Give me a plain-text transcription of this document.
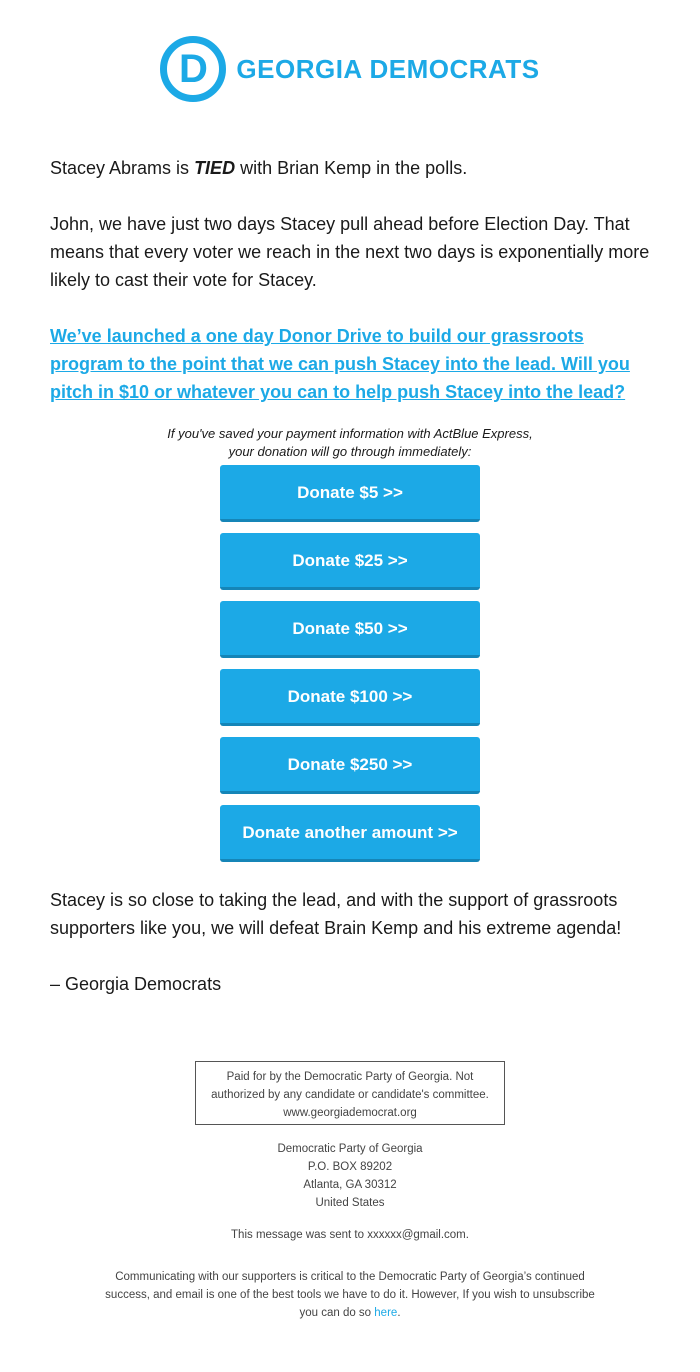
D GEORGIA DEMOCRATS

Stacey Abrams is TIED with Brian Kemp in the polls.

John, we have just two days Stacey pull ahead before Election Day. That means that every voter we reach in the next two days is exponentially more likely to cast their vote for Stacey.

We’ve launched a one day Donor Drive to build our grassroots program to the point that we can push Stacey into the lead. Will you pitch in $10 or whatever you can to help push Stacey into the lead?

If you've saved your payment information with ActBlue Express,
your donation will go through immediately:
Donate $5 >>
Donate $25 >>
Donate $50 >>
Donate $100 >>
Donate $250 >>
Donate another amount >>

Stacey is so close to taking the lead, and with the support of grassroots supporters like you, we will defeat Brain Kemp and his extreme agenda!

– Georgia Democrats

Paid for by the Democratic Party of Georgia. Not
authorized by any candidate or candidate's committee.
www.georgiademocrat.org
Democratic Party of Georgia
P.O. BOX 89202
Atlanta, GA 30312
United States
This message was sent to xxxxxx@gmail.com.
Communicating with our supporters is critical to the Democratic Party of Georgia’s continued success, and email is one of the best tools we have to do it. However, If you wish to unsubscribe you can do so here.
